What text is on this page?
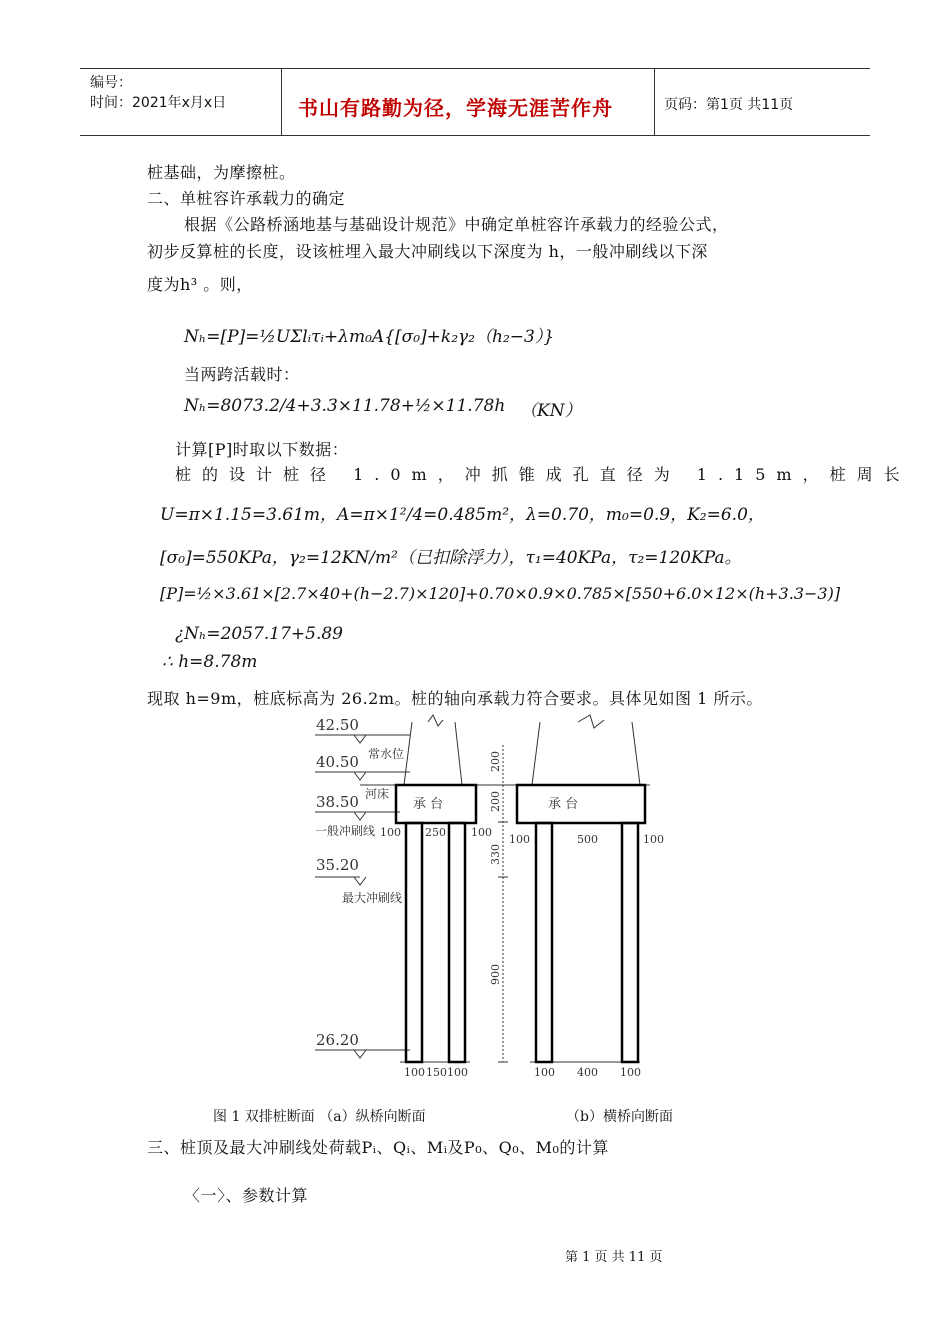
编号：
时间：2021年x月x日	书山有路勤为径，学海无涯苦作舟	页码：第1页 共11页
桩基础，为摩擦桩。
二、单桩容许承载力的确定
根据《公路桥涵地基与基础设计规范》中确定单桩容许承载力的经验公式，
初步反算桩的长度，设该桩埋入最大冲刷线以下深度为 h，一般冲刷线以下深
度为h³ 。则，
Nₕ=[P]=½UΣlᵢτᵢ+λm₀A{[σ₀]+k₂γ₂（h₂−3）}
当两跨活载时：
Nₕ=8073.2/4+3.3×11.78+½×11.78h （KN）
计算[P]时取以下数据：
桩的设计桩径 1.0m，冲抓锥成孔直径为 1.15m，桩周长
U=π×1.15=3.61m，A=π×1²/4=0.485m²，λ=0.70，m₀=0.9，K₂=6.0，
[σ₀]=550KPa，γ₂=12KN/m²（已扣除浮力），τ₁=40KPa，τ₂=120KPa。
[P]=½×3.61×[2.7×40+(h−2.7)×120]+0.70×0.9×0.785×[550+6.0×12×(h+3.3−3)]
¿Nₕ=2057.17+5.89
∴ h=8.78m
现取 h=9m，桩底标高为 26.2m。桩的轴向承载力符合要求。具体见如图 1 所示。
42.50
40.50
38.50
35.20
26.20
常水位
河床
一般冲刷线
最大冲刷线
承 台	承 台
100 250 100
100 150 100
100	500	100
100 400 100
200
200
330
900
图 1 双排桩断面 （a）纵桥向断面	（b）横桥向断面
三、桩顶及最大冲刷线处荷载Pᵢ、Qᵢ、Mᵢ及P₀、Q₀、M₀的计算
〈一〉、参数计算
第 1 页 共 11 页
